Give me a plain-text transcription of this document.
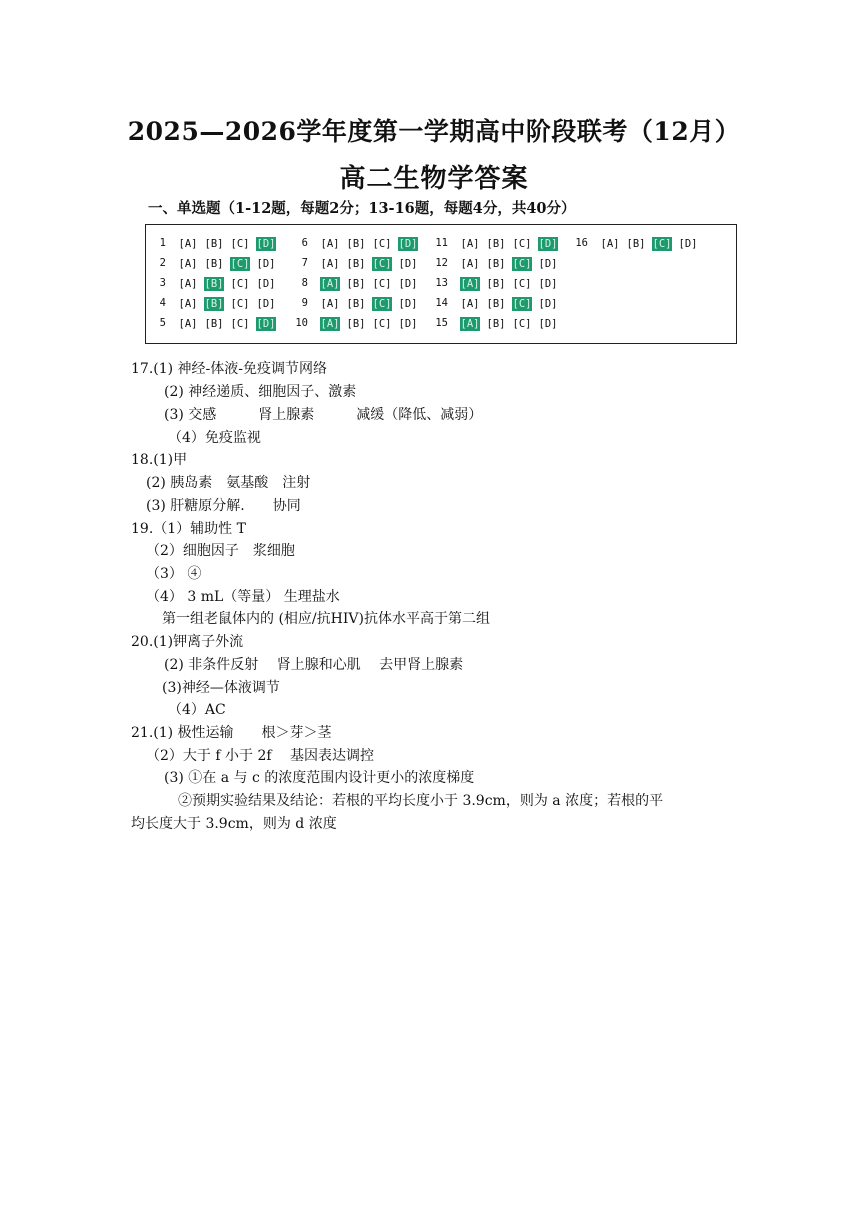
2025—2026学年度第一学期高中阶段联考（12月）
高二生物学答案
一、单选题（1-12题，每题2分；13-16题，每题4分，共40分）
1 [A] [B] [C] [D]
2 [A] [B] [C] [D]
3 [A] [B] [C] [D]
4 [A] [B] [C] [D]
5 [A] [B] [C] [D]
6 [A] [B] [C] [D]
7 [A] [B] [C] [D]
8 [A] [B] [C] [D]
9 [A] [B] [C] [D]
10 [A] [B] [C] [D]
11 [A] [B] [C] [D]
12 [A] [B] [C] [D]
13 [A] [B] [C] [D]
14 [A] [B] [C] [D]
15 [A] [B] [C] [D]
16 [A] [B] [C] [D]
17.(1) 神经-体液-免疫调节网络
(2) 神经递质、细胞因子、激素
(3) 交感　　　肾上腺素　　　减缓（降低、减弱）
（4）免疫监视
18.(1)甲
(2) 胰岛素　氨基酸　注射
(3) 肝糖原分解.　　协同
19.（1）辅助性 T
（2）细胞因子　浆细胞
（3） ④
（4） 3 mL（等量） 生理盐水
第一组老鼠体内的 (相应/抗HIV)抗体水平高于第二组
20.(1)钾离子外流
(2) 非条件反射　 肾上腺和心肌　 去甲肾上腺素
(3)神经—体液调节
（4）AC
21.(1) 极性运输　　根＞芽＞茎
（2）大于 f 小于 2f　 基因表达调控
(3) ①在 a 与 c 的浓度范围内设计更小的浓度梯度
②预期实验结果及结论：若根的平均长度小于 3.9cm，则为 a 浓度；若根的平
均长度大于 3.9cm，则为 d 浓度
